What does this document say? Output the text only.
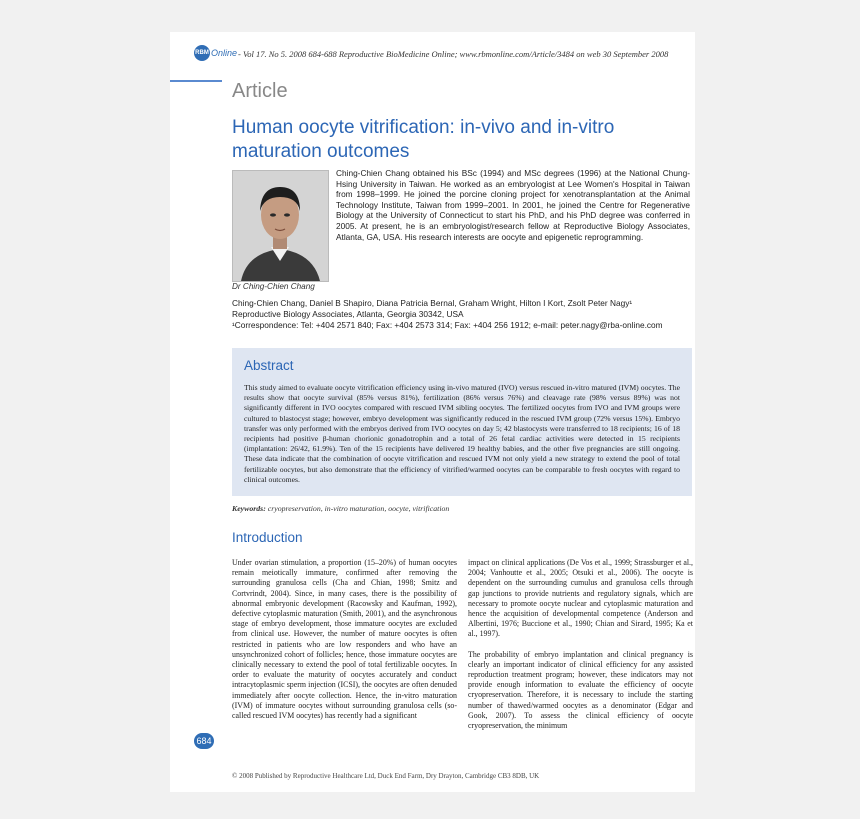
RBM Online - Vol 17. No 5. 2008 684-688 Reproductive BioMedicine Online; www.rbmonline.com/Article/3484 on web 30 September 2008
Article
Human oocyte vitrification: in-vivo and in-vitro maturation outcomes

Ching-Chien Chang obtained his BSc (1994) and MSc degrees (1996) at the National Chung-Hsing University in Taiwan. He worked as an embryologist at Lee Women's Hospital in Taiwan from 1998–1999. He joined the porcine cloning project for xenotransplantation at the Animal Technology Institute, Taiwan from 1999–2001. In 2001, he joined the Centre for Regenerative Biology at the University of Connecticut to start his PhD, and his PhD degree was conferred in 2005. At present, he is an embryologist/research fellow at Reproductive Biology Associates, Atlanta, GA, USA. His research interests are oocyte and epigenetic reprogramming.

Dr Ching-Chien Chang
Ching-Chien Chang, Daniel B Shapiro, Diana Patricia Bernal, Graham Wright, Hilton I Kort, Zsolt Peter Nagy¹
Reproductive Biology Associates, Atlanta, Georgia 30342, USA
¹Correspondence: Tel: +404 2571 840; Fax: +404 2573 314; Fax: +404 256 1912; e-mail: peter.nagy@rba-online.com
Abstract

This study aimed to evaluate oocyte vitrification efficiency using in-vivo matured (IVO) versus rescued in-vitro matured (IVM) oocytes. The results show that oocyte survival (85% versus 81%), fertilization (86% versus 76%) and cleavage rate (98% versus 89%) was not significantly different in IVO oocytes compared with rescued IVM sibling oocytes. The fertilized oocytes from IVO and IVM groups were cultured to blastocyst stage; however, embryo development was significantly reduced in the rescued IVM group (72% versus 15%). Embryo transfer was only performed with the embryos derived from IVO oocytes on day 5; 42 blastocysts were transferred to 18 recipients; 16 of 18 recipients had positive β-human chorionic gonadotrophin and a total of 26 fetal cardiac activities were detected in 15 recipients (implantation: 26/42, 61.9%). Ten of the 15 recipients have delivered 19 healthy babies, and the other five pregnancies are still ongoing. These data indicate that the combination of oocyte vitrification and rescued IVM not only yield a new strategy to extend the pool of total fertilizable oocytes, but also demonstrate that the efficiency of vitrified/warmed oocytes can be comparable to fresh oocytes with regard to clinical outcomes.

Keywords: cryopreservation, in-vitro maturation, oocyte, vitrification
Introduction

Under ovarian stimulation, a proportion (15–20%) of human oocytes remain meiotically immature, confirmed after removing the surrounding granulosa cells (Cha and Chian, 1998; Smitz and Cortvrindt, 2004). Since, in many cases, there is the possibility of abnormal embryonic development (Racowsky and Kaufman, 1992), defective cytoplasmic maturation (Smith, 2001), and the asynchronous stage of embryo development, those immature oocytes are excluded from clinical use. However, the number of mature oocytes is often restricted in patients who are low responders and who have an unsynchronized cohort of follicles; hence, those immature oocytes are clinically necessary to extend the pool of total fertilizable oocytes. In order to evaluate the maturity of oocytes accurately and conduct intracytoplasmic sperm injection (ICSI), the oocytes are often denuded immediately after oocyte collection. Hence, the in-vitro maturation (IVM) of immature oocytes without surrounding granulosa cells (so-called rescued IVM oocytes) has recently had a significant

impact on clinical applications (De Vos et al., 1999; Strassburger et al., 2004; Vanhoutte et al., 2005; Otsuki et al., 2006). The oocyte is dependent on the surrounding cumulus and granulosa cells through gap junctions to provide nutrients and regulatory signals, which are necessary to promote oocyte nuclear and cytoplasmic maturation and hence the acquisition of developmental competence (Anderson and Albertini, 1976; Buccione et al., 1990; Chian and Sirard, 1995; Ka et al., 1997).

The probability of embryo implantation and clinical pregnancy is clearly an important indicator of clinical efficiency for any assisted reproduction treatment program; however, these indicators may not provide enough information to evaluate the efficiency of oocyte cryopreservation. Therefore, it is necessary to include the starting number of thawed/warmed oocytes as a denominator (Edgar and Gook, 2007). To assess the clinical efficiency of oocyte cryopreservation, the minimum

684
© 2008 Published by Reproductive Healthcare Ltd, Duck End Farm, Dry Drayton, Cambridge CB3 8DB, UK
